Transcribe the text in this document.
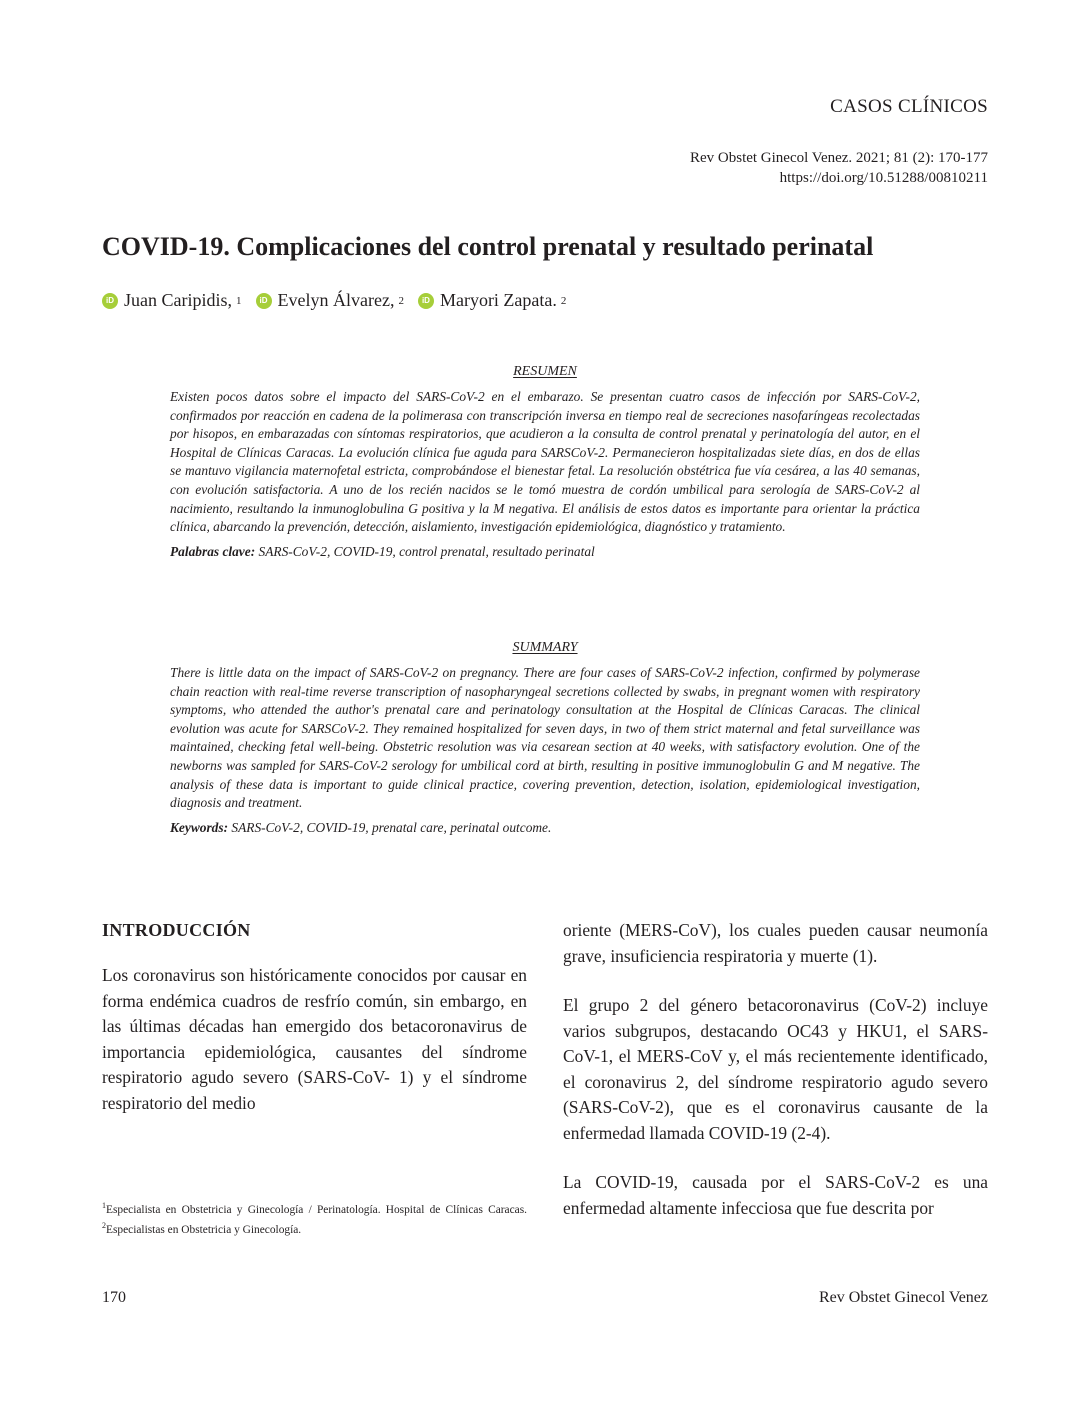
CASOS CLÍNICOS
Rev Obstet Ginecol Venez. 2021; 81 (2): 170-177
https://doi.org/10.51288/00810211
COVID-19. Complicaciones del control prenatal y resultado perinatal
iD Juan Caripidis, 1	iD Evelyn Álvarez, 2	iD Maryori Zapata. 2
RESUMEN
Existen pocos datos sobre el impacto del SARS-CoV-2 en el embarazo. Se presentan cuatro casos de infección por SARS-CoV-2, confirmados por reacción en cadena de la polimerasa con transcripción inversa en tiempo real de secreciones nasofaríngeas recolectadas por hisopos, en embarazadas con síntomas respiratorios, que acudieron a la consulta de control prenatal y perinatología del autor, en el Hospital de Clínicas Caracas. La evolución clínica fue aguda para SARSCoV-2. Permanecieron hospitalizadas siete días, en dos de ellas se mantuvo vigilancia maternofetal estricta, comprobándose el bienestar fetal. La resolución obstétrica fue vía cesárea, a las 40 semanas, con evolución satisfactoria. A uno de los recién nacidos se le tomó muestra de cordón umbilical para serología de SARS-CoV-2 al nacimiento, resultando la inmunoglobulina G positiva y la M negativa. El análisis de estos datos es importante para orientar la práctica clínica, abarcando la prevención, detección, aislamiento, investigación epidemiológica, diagnóstico y tratamiento.
Palabras clave: SARS-CoV-2, COVID-19, control prenatal, resultado perinatal
SUMMARY
There is little data on the impact of SARS-CoV-2 on pregnancy. There are four cases of SARS-CoV-2 infection, confirmed by polymerase chain reaction with real-time reverse transcription of nasopharyngeal secretions collected by swabs, in pregnant women with respiratory symptoms, who attended the author's prenatal care and perinatology consultation at the Hospital de Clínicas Caracas. The clinical evolution was acute for SARSCoV-2. They remained hospitalized for seven days, in two of them strict maternal and fetal surveillance was maintained, checking fetal well-being. Obstetric resolution was via cesarean section at 40 weeks, with satisfactory evolution. One of the newborns was sampled for SARS-CoV-2 serology for umbilical cord at birth, resulting in positive immunoglobulin G and M negative. The analysis of these data is important to guide clinical practice, covering prevention, detection, isolation, epidemiological investigation, diagnosis and treatment.
Keywords: SARS-CoV-2, COVID-19, prenatal care, perinatal outcome.
INTRODUCCIÓN

Los coronavirus son históricamente conocidos por causar en forma endémica cuadros de resfrío común, sin embargo, en las últimas décadas han emergido dos betacoronavirus de importancia epidemiológica, causantes del síndrome respiratorio agudo severo (SARS-CoV- 1) y el síndrome respiratorio del medio

$^1$Especialista en Obstetricia y Ginecología / Perinatología. Hospital de Clínicas Caracas. $^2$Especialistas en Obstetricia y Ginecología.

oriente (MERS-CoV), los cuales pueden causar neumonía grave, insuficiencia respiratoria y muerte (1).

El grupo 2 del género betacoronavirus (CoV-2) incluye varios subgrupos, destacando OC43 y HKU1, el SARS-CoV-1, el MERS-CoV y, el más recientemente identificado, el coronavirus 2, del síndrome respiratorio agudo severo (SARS-CoV-2), que es el coronavirus causante de la enfermedad llamada COVID-19 (2-4).

La COVID-19, causada por el SARS-CoV-2 es una enfermedad altamente infecciosa que fue descrita por

170	Rev Obstet Ginecol Venez
